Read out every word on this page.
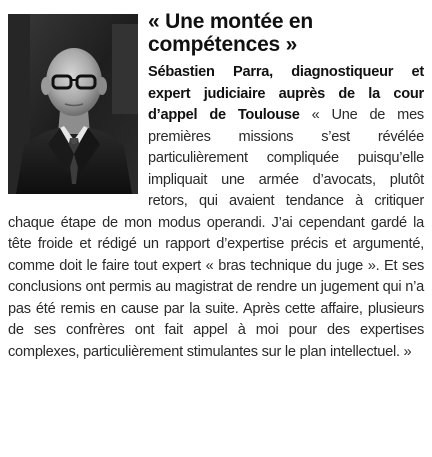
« Une montée en compétences »

Sébastien Parra, diagnostiqueur et expert judiciaire auprès de la cour d’appel de Toulouse « Une de mes premières missions s’est révélée particulièrement compliquée puisqu’elle impliquait une armée d’avocats, plutôt retors, qui avaient tendance à critiquer chaque étape de mon modus operandi. J’ai cependant gardé la tête froide et rédigé un rapport d’expertise précis et argumenté, comme doit le faire tout expert « bras technique du juge ». Et ses conclusions ont permis au magistrat de rendre un jugement qui n’a pas été remis en cause par la suite. Après cette affaire, plusieurs de ses confrères ont fait appel à moi pour des expertises complexes, particulièrement stimulantes sur le plan intellectuel. »
